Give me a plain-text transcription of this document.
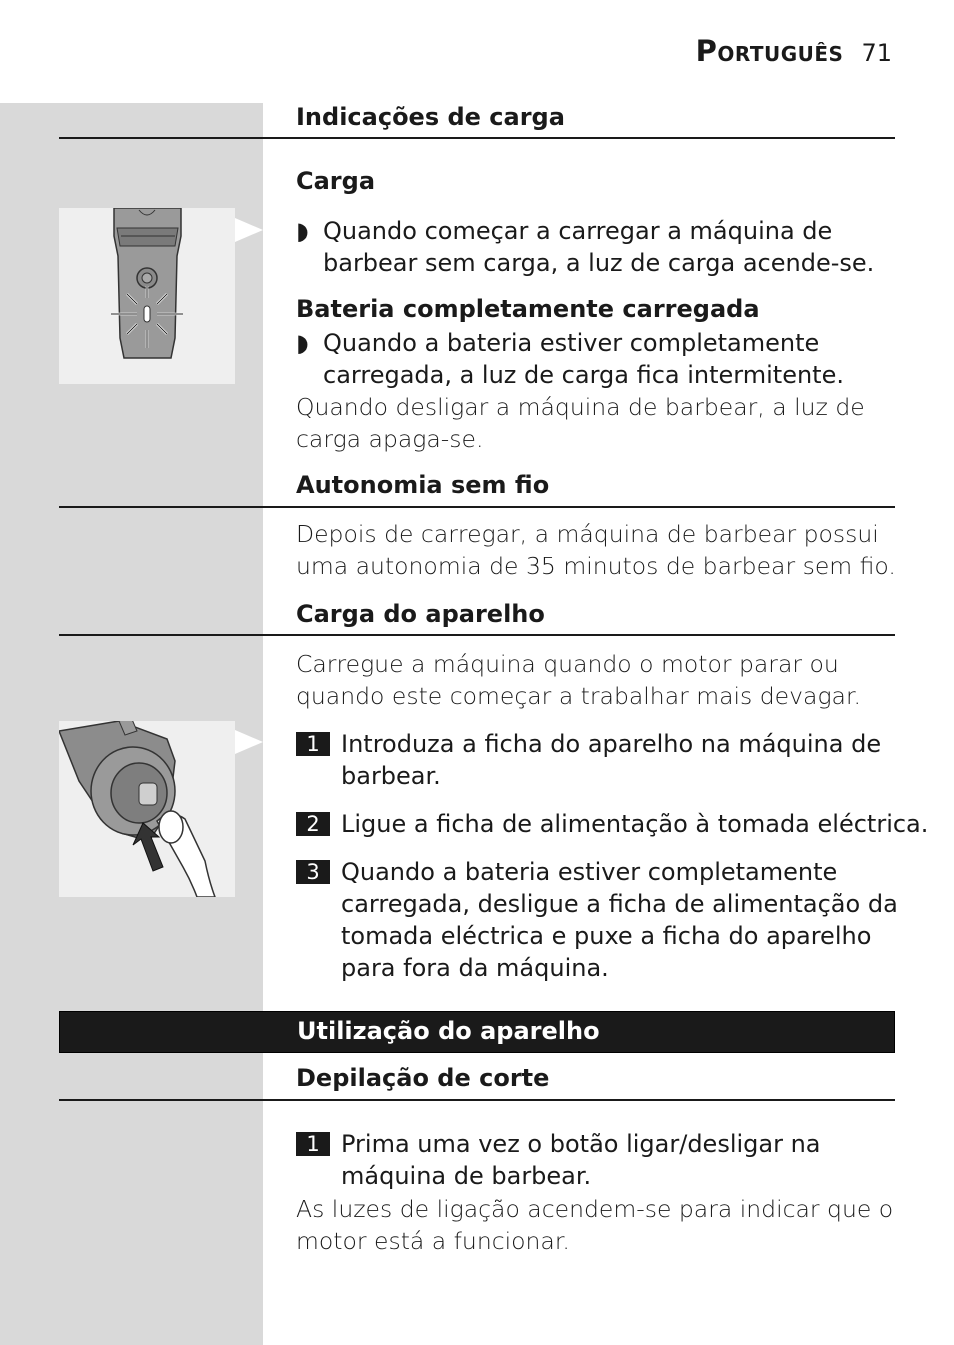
Português 71
Indicações de carga
Carga
◗ Quando começar a carregar a máquina de
barbear sem carga, a luz de carga acende-se.
Bateria completamente carregada
◗ Quando a bateria estiver completamente
carregada, a luz de carga fica intermitente.
Quando desligar a máquina de barbear, a luz de
carga apaga-se.
Autonomia sem fio
Depois de carregar, a máquina de barbear possui
uma autonomia de 35 minutos de barbear sem fio.
Carga do aparelho
Carregue a máquina quando o motor parar ou
quando este começar a trabalhar mais devagar.
1 Introduza a ficha do aparelho na máquina de
barbear.
2 Ligue a ficha de alimentação à tomada eléctrica.
3 Quando a bateria estiver completamente
carregada, desligue a ficha de alimentação da
tomada eléctrica e puxe a ficha do aparelho
para fora da máquina.
Utilização do aparelho
Depilação de corte
1 Prima uma vez o botão ligar/desligar na
máquina de barbear.
As luzes de ligação acendem-se para indicar que o
motor está a funcionar.
